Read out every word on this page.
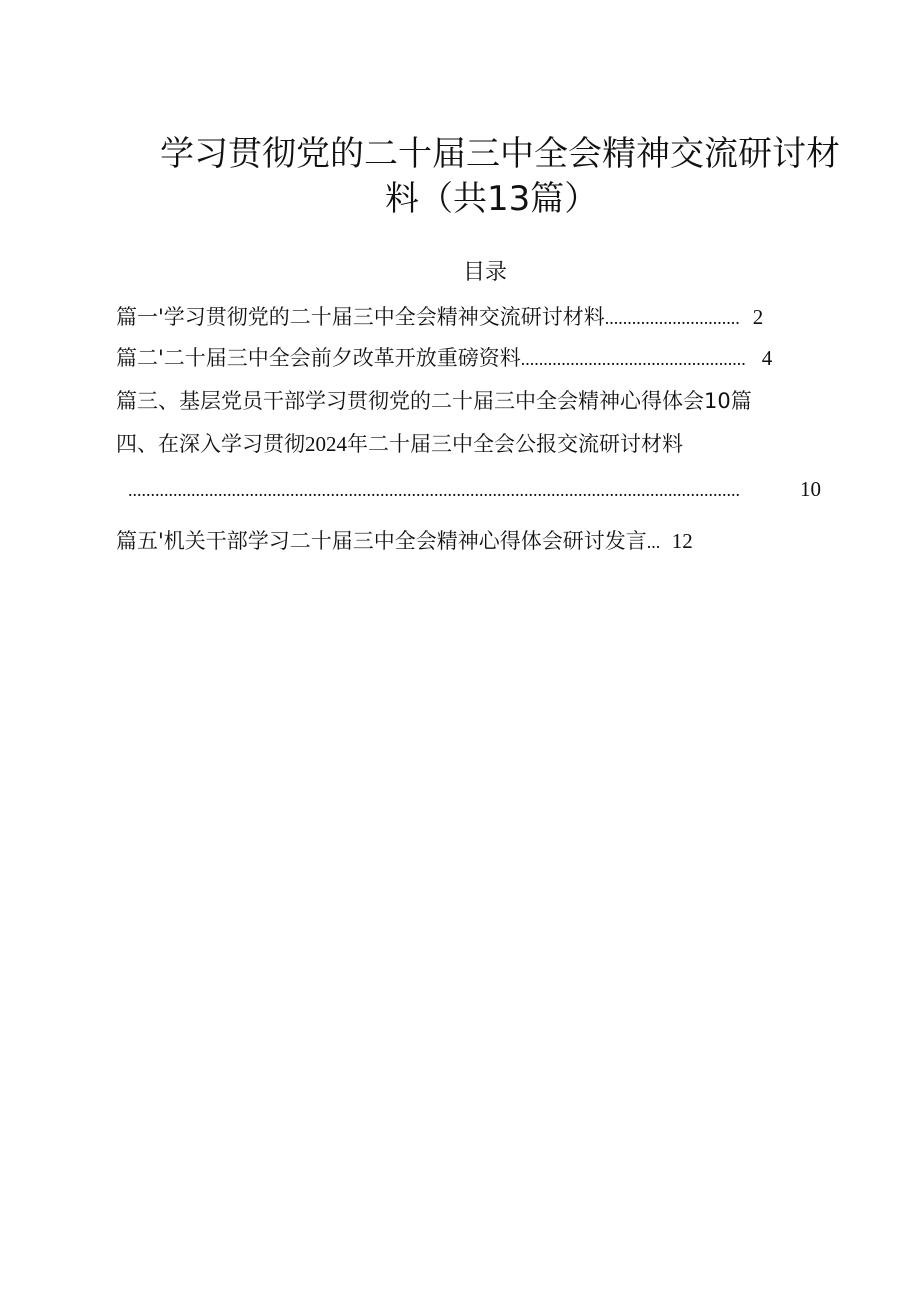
学习贯彻党的二十届三中全会精神交流研讨材
料（共13篇）
目录
篇一'学习贯彻党的二十届三中全会精神交流研讨材料 .............................. 2
篇二'二十届三中全会前夕改革开放重磅资料 .................................................. 4
篇三、基层党员干部学习贯彻党的二十届三中全会精神心得体会10篇
四、在深入学习贯彻 2024 年二十届三中全会公报交流研讨材料
........................................................................................................................................	10
篇五'机关干部学习二十届三中全会精神心得体会研讨发言 ... 12
